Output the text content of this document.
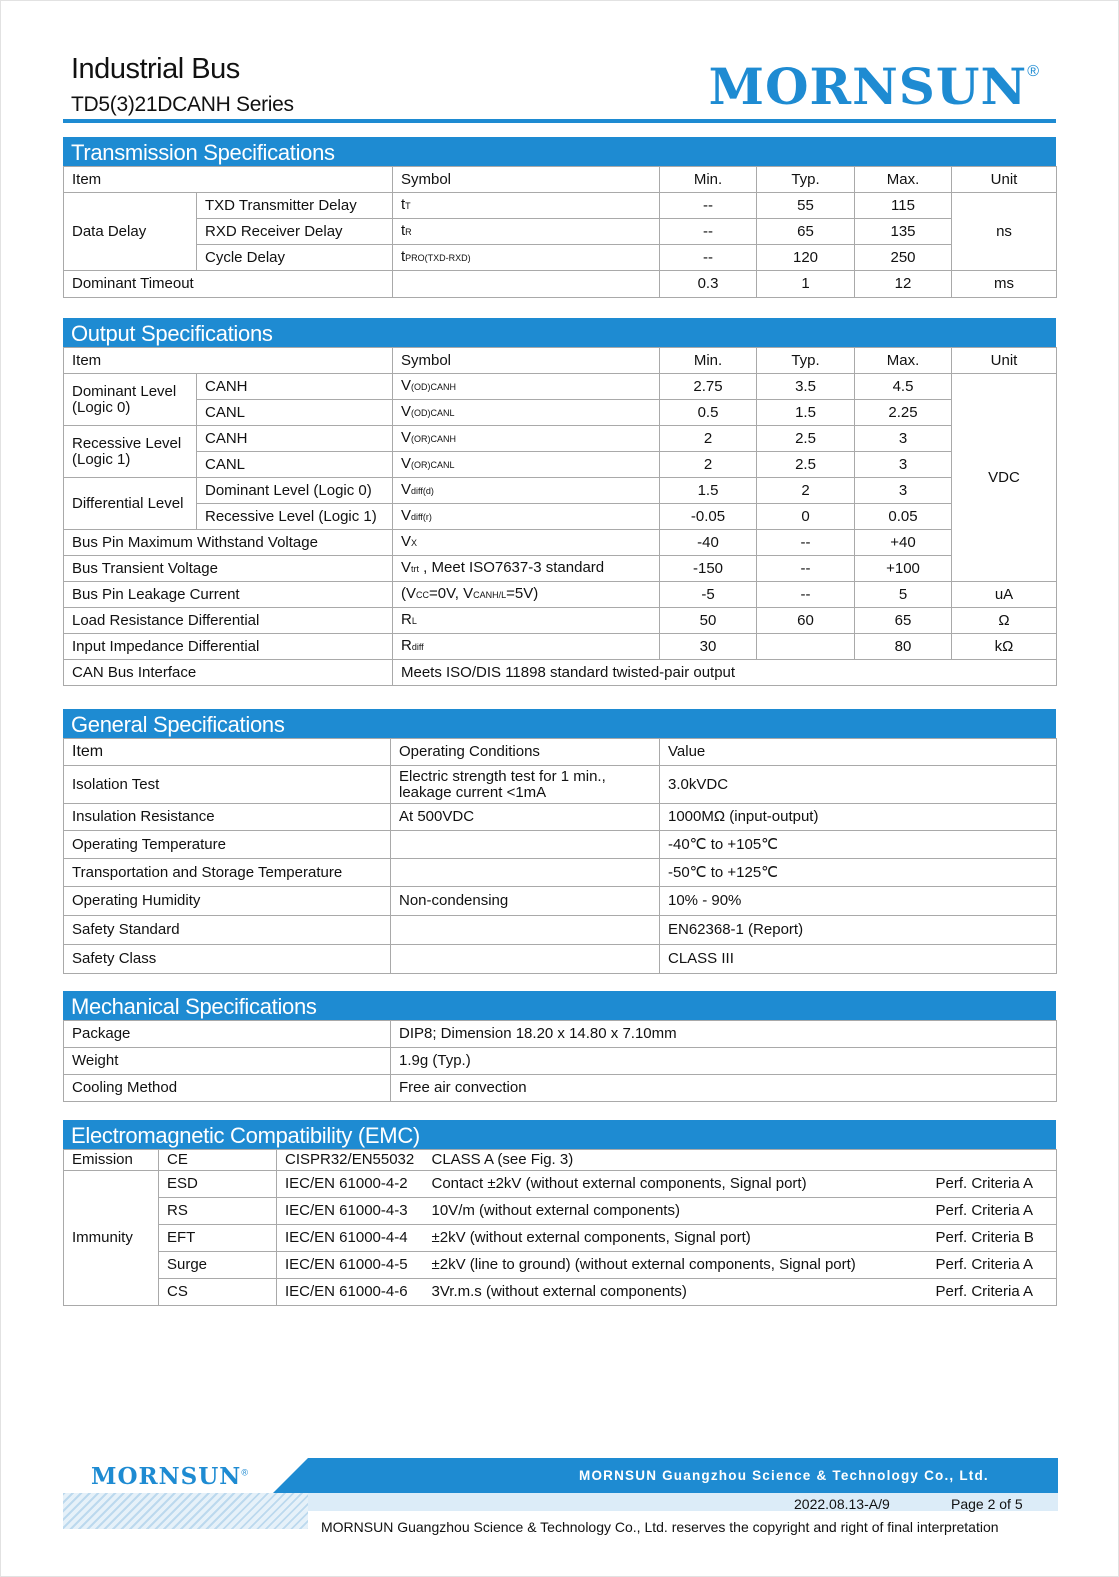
Industrial Bus
TD5(3)21DCANH Series	MORNSUN®
Transmission Specifications
Item		Symbol	Min.	Typ.	Max.	Unit
Data Delay	TXD Transmitter Delay	tT	--	55	115	ns
	RXD Receiver Delay	tR	--	65	135	
	Cycle Delay	tPRO(TXD-RXD)	--	120	250	
Dominant Timeout			0.3	1	12	ms
Output Specifications
Item		Symbol	Min.	Typ.	Max.	Unit
Dominant Level
(Logic 0)	CANH	V(OD)CANH	2.75	3.5	4.5	VDC
	CANL	V(OD)CANL	0.5	1.5	2.25	
Recessive Level
(Logic 1)	CANH	V(OR)CANH	2	2.5	3	
	CANL	V(OR)CANL	2	2.5	3	
Differential Level	Dominant Level (Logic 0)	Vdiff(d)	1.5	2	3	
	Recessive Level (Logic 1)	Vdiff(r)	-0.05	0	0.05	
Bus Pin Maximum Withstand Voltage		VX	-40	--	+40	
Bus Transient Voltage		Vtrt , Meet ISO7637-3 standard	-150	--	+100	
Bus Pin Leakage Current		(VCC=0V, VCANH/L=5V)	-5	--	5	uA
Load Resistance Differential		RL	50	60	65	Ω
Input Impedance Differential		Rdiff	30		80	kΩ
CAN Bus Interface		Meets ISO/DIS 11898 standard twisted-pair output				
General Specifications
Item	Operating Conditions	Value
Isolation Test	Electric strength test for 1 min.,
leakage current <1mA	3.0kVDC
Insulation Resistance	At 500VDC	1000MΩ (input-output)
Operating Temperature		-40℃ to +105℃
Transportation and Storage Temperature		-50℃ to +125℃
Operating Humidity	Non-condensing	10% - 90%
Safety Standard		EN62368-1 (Report)
Safety Class		CLASS III
Mechanical Specifications
Package	DIP8; Dimension 18.20 x 14.80 x 7.10mm
Weight	1.9g (Typ.)
Cooling Method	Free air convection
Electromagnetic Compatibility (EMC)
Emission	CE	CISPR32/EN55032	CLASS A (see Fig. 3)	
Immunity	ESD	IEC/EN 61000-4-2	Contact ±2kV (without external components, Signal port)	Perf. Criteria A
	RS	IEC/EN 61000-4-3	10V/m (without external components)	Perf. Criteria A
	EFT	IEC/EN 61000-4-4	±2kV (without external components, Signal port)	Perf. Criteria B
	Surge	IEC/EN 61000-4-5	±2kV (line to ground) (without external components, Signal port)	Perf. Criteria A
	CS	IEC/EN 61000-4-6	3Vr.m.s (without external components)	Perf. Criteria A
MORNSUN®	MORNSUN Guangzhou Science & Technology Co., Ltd.
2022.08.13-A/9	Page 2 of 5
MORNSUN Guangzhou Science & Technology Co., Ltd. reserves the copyright and right of final interpretation
